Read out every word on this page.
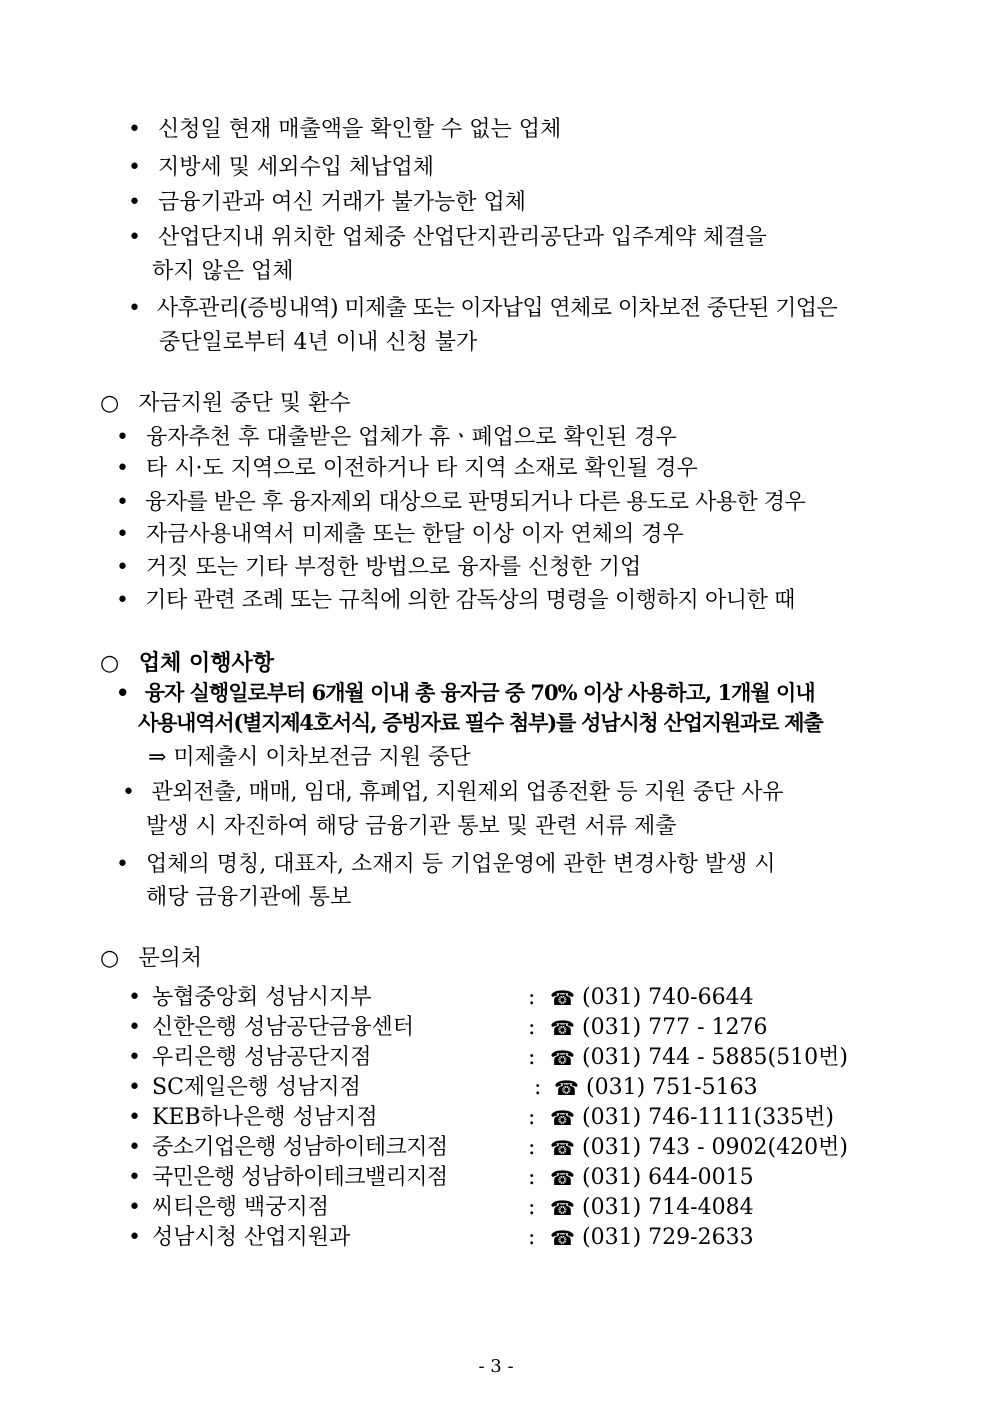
• 신청일 현재 매출액을 확인할 수 없는 업체
• 지방세 및 세외수입 체납업체
• 금융기관과 여신 거래가 불가능한 업체
• 산업단지내 위치한 업체중 산업단지관리공단과 입주계약 체결을
하지 않은 업체
• 사후관리(증빙내역) 미제출 또는 이자납입 연체로 이차보전 중단된 기업은
중단일로부터 4년 이내 신청 불가
○ 자금지원 중단 및 환수
• 융자추천 후 대출받은 업체가 휴ㆍ폐업으로 확인된 경우
• 타 시·도 지역으로 이전하거나 타 지역 소재로 확인될 경우
• 융자를 받은 후 융자제외 대상으로 판명되거나 다른 용도로 사용한 경우
• 자금사용내역서 미제출 또는 한달 이상 이자 연체의 경우
• 거짓 또는 기타 부정한 방법으로 융자를 신청한 기업
• 기타 관련 조례 또는 규칙에 의한 감독상의 명령을 이행하지 아니한 때
○ 업체 이행사항
• 융자 실행일로부터 6개월 이내 총 융자금 중 70% 이상 사용하고, 1개월 이내
사용내역서(별지제4호서식, 증빙자료 필수 첨부)를 성남시청 산업지원과로 제출
⇒ 미제출시 이차보전금 지원 중단
• 관외전출, 매매, 임대, 휴폐업, 지원제외 업종전환 등 지원 중단 사유
발생 시 자진하여 해당 금융기관 통보 및 관련 서류 제출
• 업체의 명칭, 대표자, 소재지 등 기업운영에 관한 변경사항 발생 시
해당 금융기관에 통보
○ 문의처
• 농협중앙회 성남시지부	: ☎ (031) 740-6644
• 신한은행 성남공단금융센터	: ☎ (031) 777 - 1276
• 우리은행 성남공단지점	: ☎ (031) 744 - 5885(510번)
• SC제일은행 성남지점	: ☎ (031) 751-5163
• KEB하나은행 성남지점	: ☎ (031) 746-1111(335번)
• 중소기업은행 성남하이테크지점	: ☎ (031) 743 - 0902(420번)
• 국민은행 성남하이테크밸리지점	: ☎ (031) 644-0015
• 씨티은행 백궁지점	: ☎ (031) 714-4084
• 성남시청 산업지원과	: ☎ (031) 729-2633
- 3 -
